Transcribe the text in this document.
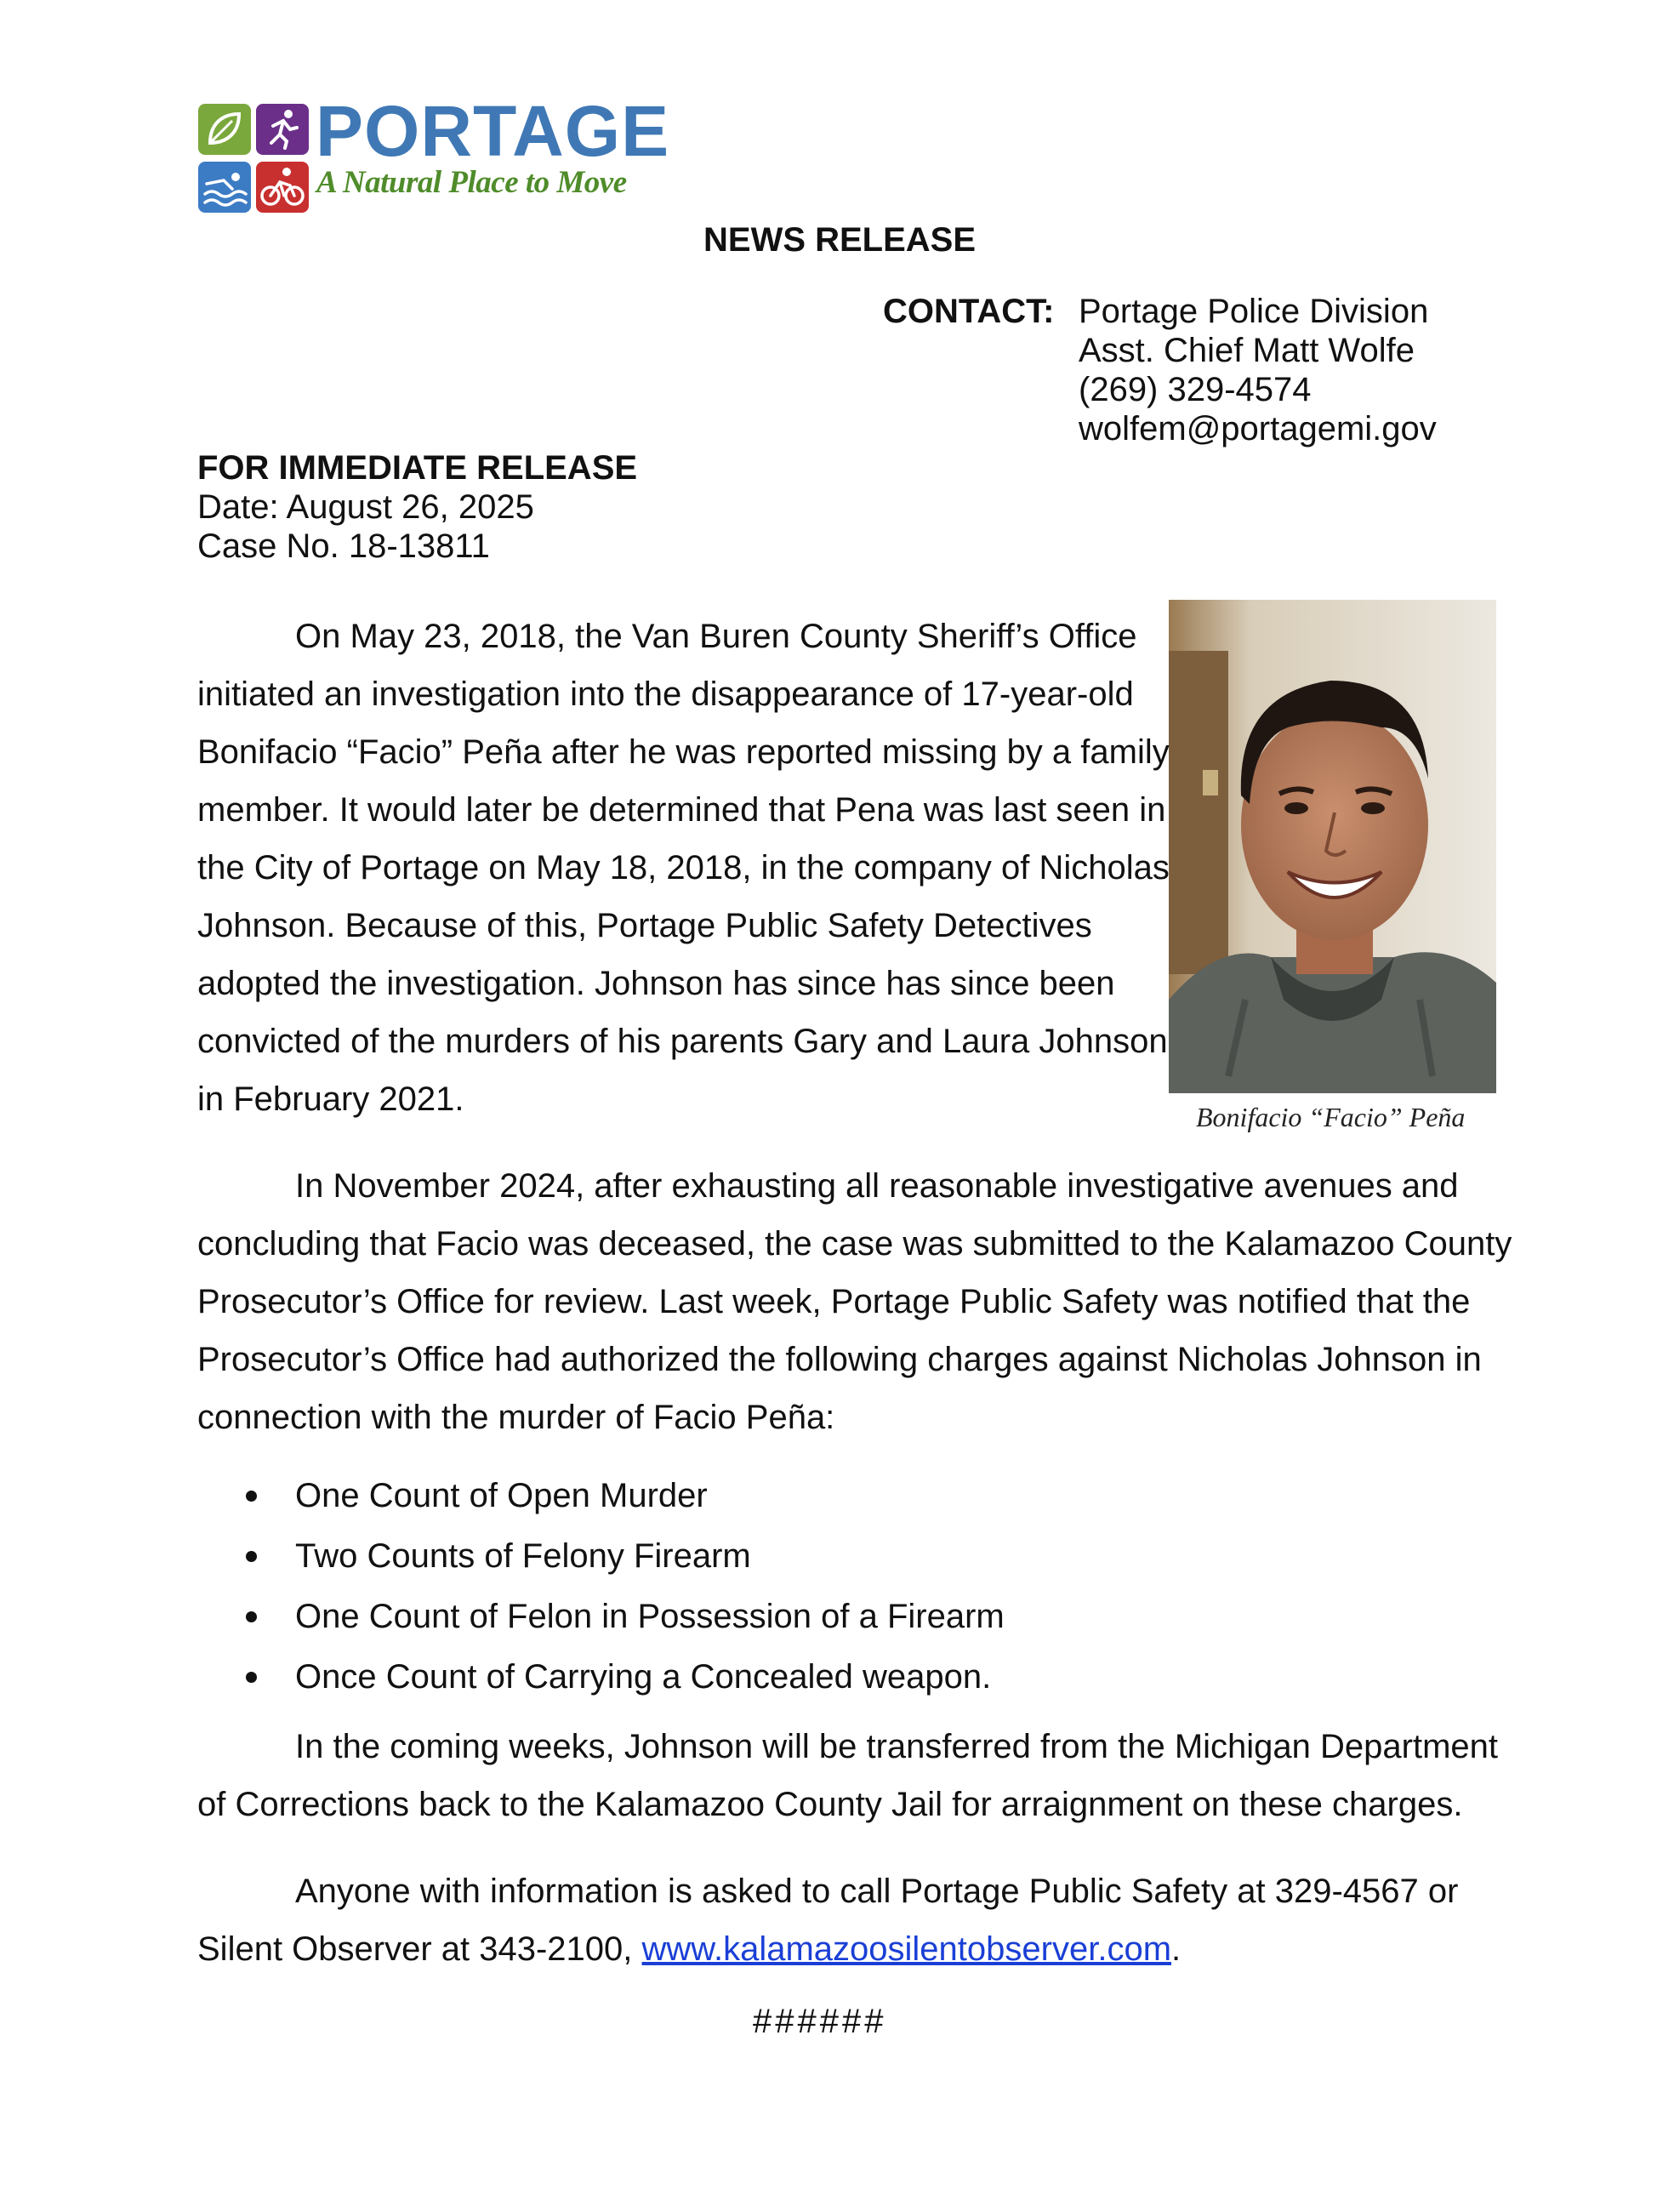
PORTAGE
A Natural Place to Move
NEWS RELEASE
CONTACT: Portage Police Division
Asst. Chief Matt Wolfe
(269) 329-4574
wolfem@portagemi.gov
FOR IMMEDIATE RELEASE
Date: August 26, 2025
Case No. 18-13811
Bonifacio “Facio” Peña
On May 23, 2018, the Van Buren County Sheriff’s Office
initiated an investigation into the disappearance of 17-year-old
Bonifacio “Facio” Peña after he was reported missing by a family
member. It would later be determined that Pena was last seen in
the City of Portage on May 18, 2018, in the company of Nicholas
Johnson. Because of this, Portage Public Safety Detectives
adopted the investigation. Johnson has since has since been
convicted of the murders of his parents Gary and Laura Johnson
in February 2021.
In November 2024, after exhausting all reasonable investigative avenues and
concluding that Facio was deceased, the case was submitted to the Kalamazoo County
Prosecutor’s Office for review. Last week, Portage Public Safety was notified that the
Prosecutor’s Office had authorized the following charges against Nicholas Johnson in
connection with the murder of Facio Peña:
One Count of Open Murder
Two Counts of Felony Firearm
One Count of Felon in Possession of a Firearm
Once Count of Carrying a Concealed weapon.
In the coming weeks, Johnson will be transferred from the Michigan Department
of Corrections back to the Kalamazoo County Jail for arraignment on these charges.
Anyone with information is asked to call Portage Public Safety at 329-4567 or
Silent Observer at 343-2100, www.kalamazoosilentobserver.com.
######
